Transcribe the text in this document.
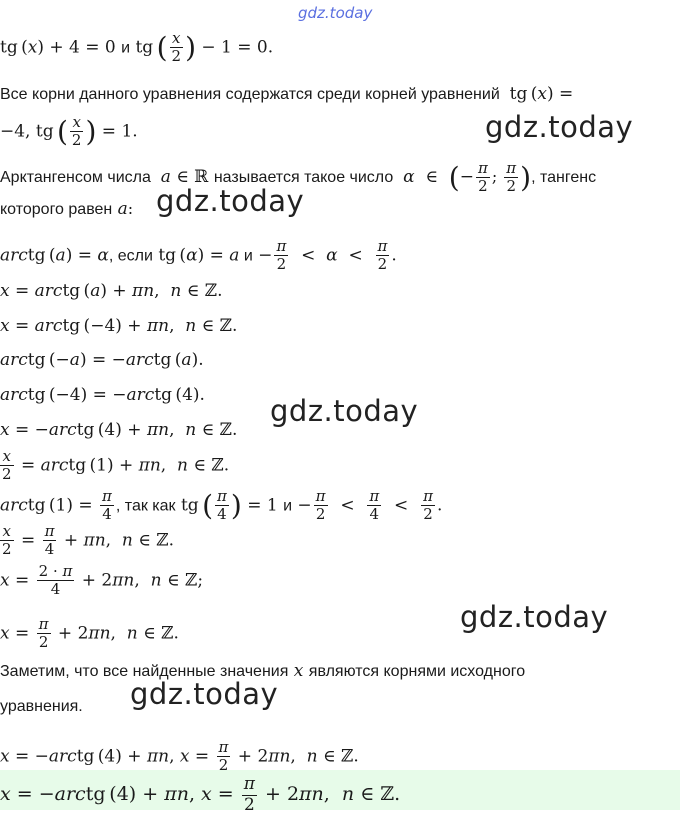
gdz.today
tg (x) + 4 = 0 и tg ( $\frac{x}{2}$ ) − 1 = 0.
Все корни данного уравнения содержатся среди корней уравнений  tg (x) =
−4, tg ( $\frac{x}{2}$ ) = 1.
Арктангенсом числа  a ∈ ℝ называется такое число  α  ∈  (− $\frac{\pi}{2}$ ; $\frac{\pi}{2}$ ), тангенс
которого равен a:
arctg (a) = α, если tg (α) = a $и - \frac{\pi}{2} < \alpha < \frac{\pi}{2}$ .
x = arctg (a) + πn,  n ∈ ℤ.
x = arctg (−4) + πn,  n ∈ ℤ.
arctg (−a) = −arctg (a).
arctg (−4) = −arctg (4).
x = −arctg (4) + πn,  n ∈ ℤ.
$\frac{x}{2}$ = arctg (1) + πn,  n ∈ ℤ.
arctg $(1) = \frac{\pi}{4}$ , так как tg ( $\frac{\pi}{4}$ ) = 1 $и - \frac{\pi}{2} < \frac{\pi}{4} < \frac{\pi}{2}$ .
$\frac{x}{2} = \frac{\pi}{4} + \pi n$,  n ∈ ℤ.
$x = \frac{2 \cdot \pi}{4} + 2\pi n$,  n ∈ ℤ;
$x = \frac{\pi}{2} + 2\pi n$,  n ∈ ℤ.
Заметим, что все найденные значения x являются корнями исходного
уравнения.
x = −arctg (4) + πn, $x = \frac{\pi}{2} + 2\pi n$,  n ∈ ℤ.
x = −arctg (4) + πn, $x = \frac{\pi}{2} + 2\pi n$,  n ∈ ℤ.
gdz.today
gdz.today
gdz.today
gdz.today
gdz.today
